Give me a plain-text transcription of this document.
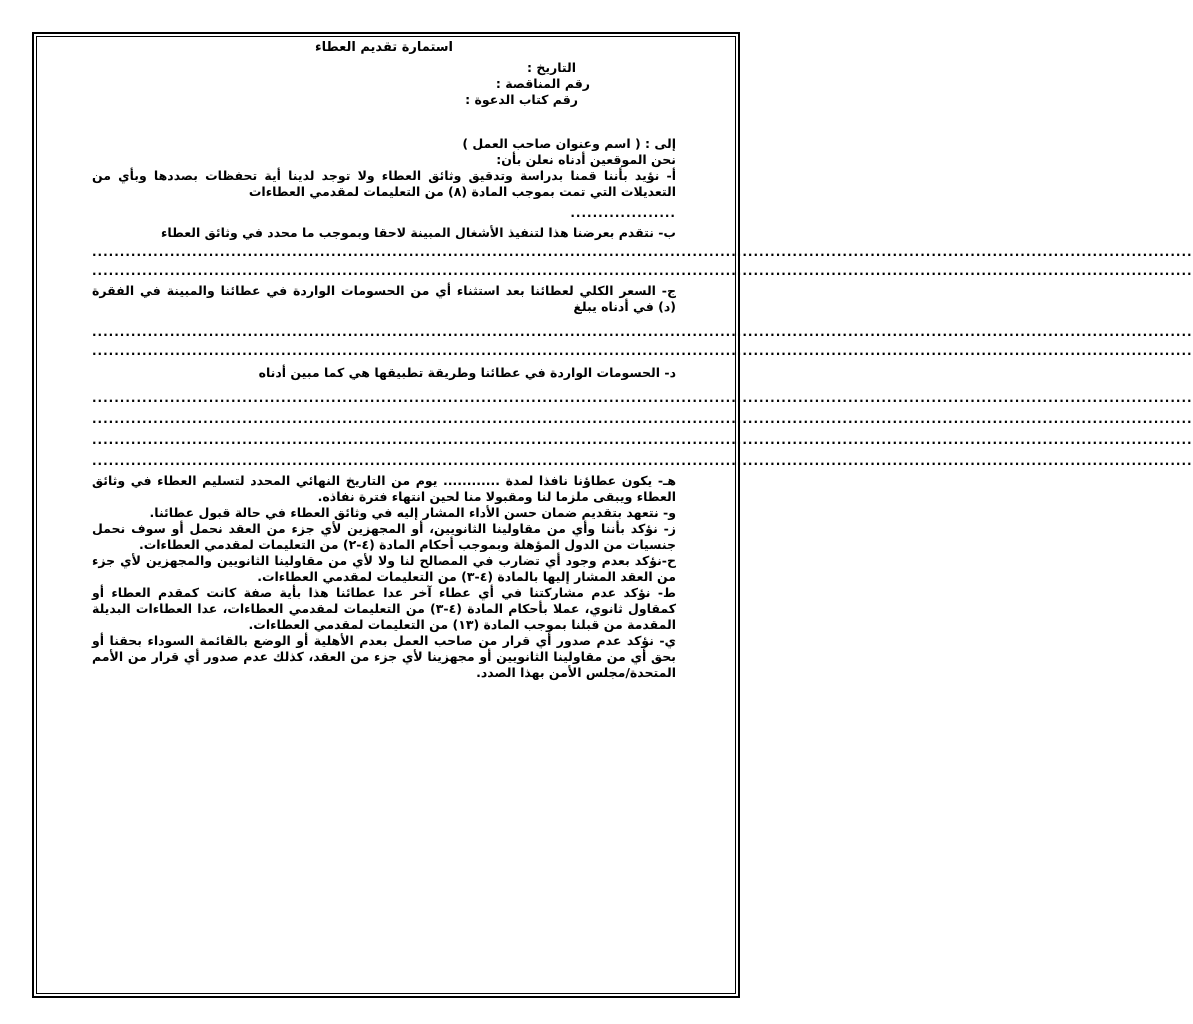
استمارة تقديم العطاء

التاريخ :

رقم المناقصة :

رقم كتاب الدعوة :

إلى : ( اسم وعنوان صاحب العمل )

نحن الموقعين أدناه نعلن بأن:

أ- نؤيد بأننا قمنا بدراسة وتدقيق وثائق العطاء ولا توجد لدينا أية تحفظات بصددها وبأي من التعديلات التي تمت بموجب المادة (٨) من التعليمات لمقدمي العطاءات

...................

ب- نتقدم بعرضنا هذا لتنفيذ الأشغال المبينة لاحقا وبموجب ما محدد في وثائق العطاء

......................................................................................................................................................................................................

......................................................................................................................................................................................................

ج- السعر الكلي لعطائنا بعد استثناء أي من الحسومات الواردة في عطائنا والمبينة في الفقرة (د) في أدناه يبلغ

......................................................................................................................................................................................................

......................................................................................................................................................................................................

د- الحسومات الواردة في عطائنا وطريقة تطبيقها هي كما مبين أدناه

......................................................................................................................................................................................................

......................................................................................................................................................................................................

......................................................................................................................................................................................................

......................................................................................................................................................................................................

هـ- يكون عطاؤنا نافذا لمدة ............ يوم من التاريخ النهائي المحدد لتسليم العطاء في وثائق العطاء ويبقى ملزما لنا ومقبولا منا لحين انتهاء فترة نفاذه.

و- نتعهد بتقديم ضمان حسن الأداء المشار إليه في وثائق العطاء في حالة قبول عطائنا.

ز- نؤكد بأننا وأي من مقاولينا الثانويين، أو المجهزين لأي جزء من العقد نحمل أو سوف نحمل جنسيات من الدول المؤهلة وبموجب أحكام المادة (٤-٢) من التعليمات لمقدمي العطاءات.

ح-نؤكد بعدم وجود أي تضارب في المصالح لنا ولا لأي من مقاولينا الثانويين والمجهزين لأي جزء من العقد المشار إليها بالمادة (٤-٣) من التعليمات لمقدمي العطاءات.

ط- نؤكد عدم مشاركتنا في أي عطاء آخر عدا عطائنا هذا بأية صفة كانت كمقدم العطاء أو كمقاول ثانوي، عملا بأحكام المادة (٤-٣) من التعليمات لمقدمي العطاءات، عدا العطاءات البديلة المقدمة من قبلنا بموجب المادة (١٣) من التعليمات لمقدمي العطاءات.

ي- نؤكد عدم صدور أي قرار من صاحب العمل بعدم الأهلية أو الوضع بالقائمة السوداء بحقنا أو بحق أي من مقاولينا الثانويين أو مجهزينا لأي جزء من العقد، كذلك عدم صدور أي قرار من الأمم المتحدة/مجلس الأمن بهذا الصدد.
